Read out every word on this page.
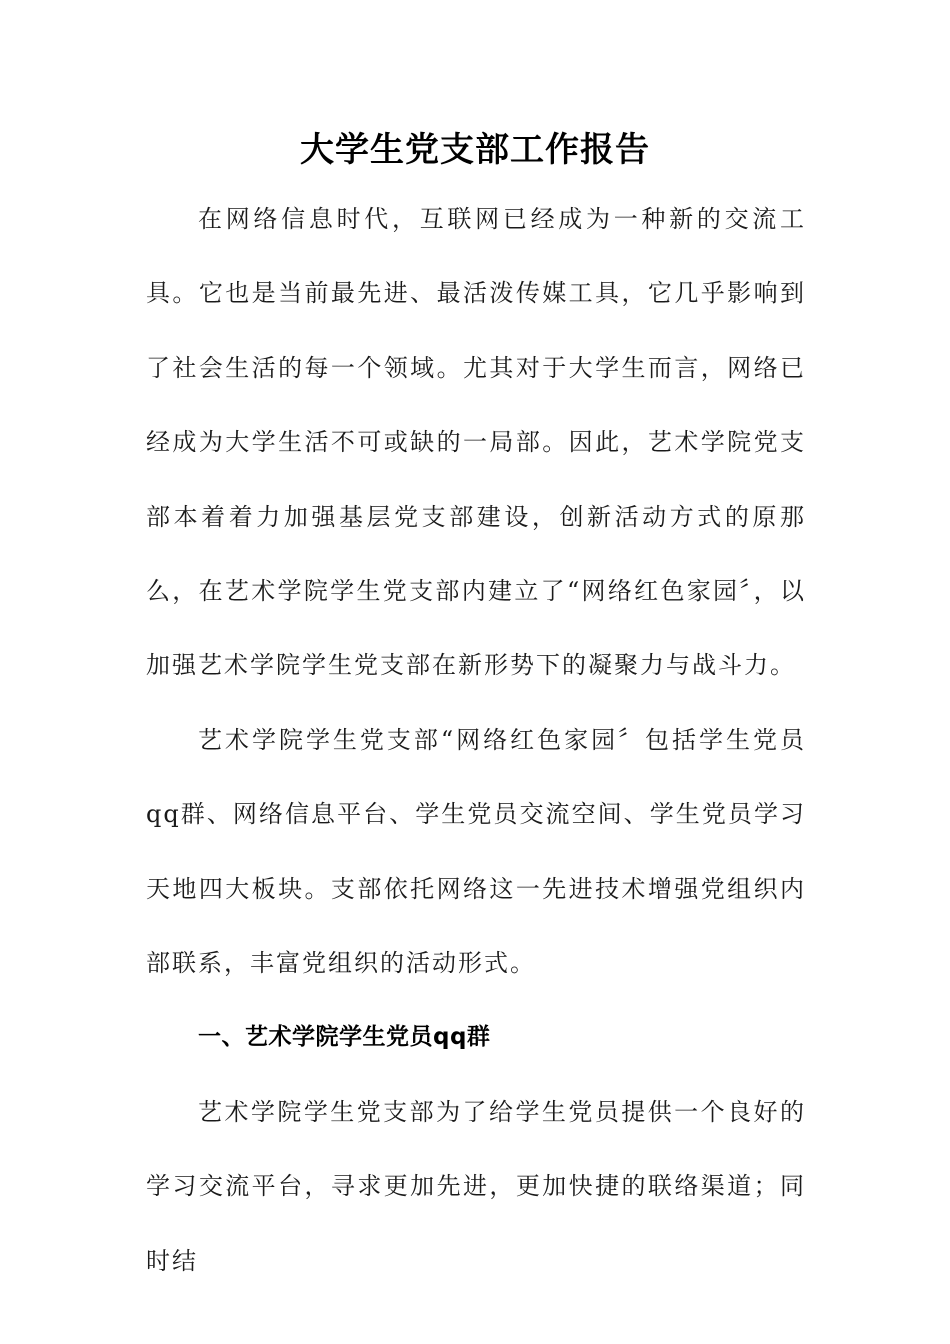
大学生党支部工作报告

在网络信息时代，互联网已经成为一种新的交流工具。它也是当前最先进、最活泼传媒工具，它几乎影响到了社会生活的每一个领域。尤其对于大学生而言，网络已经成为大学生活不可或缺的一局部。因此，艺术学院党支部本着着力加强基层党支部建设，创新活动方式的原那么，在艺术学院学生党支部内建立了“网络红色家园〞，以加强艺术学院学生党支部在新形势下的凝聚力与战斗力。

艺术学院学生党支部“网络红色家园〞包括学生党员qq群、网络信息平台、学生党员交流空间、学生党员学习天地四大板块。支部依托网络这一先进技术增强党组织内部联系，丰富党组织的活动形式。

一、艺术学院学生党员qq群

艺术学院学生党支部为了给学生党员提供一个良好的学习交流平台，寻求更加先进，更加快捷的联络渠道；同时结
